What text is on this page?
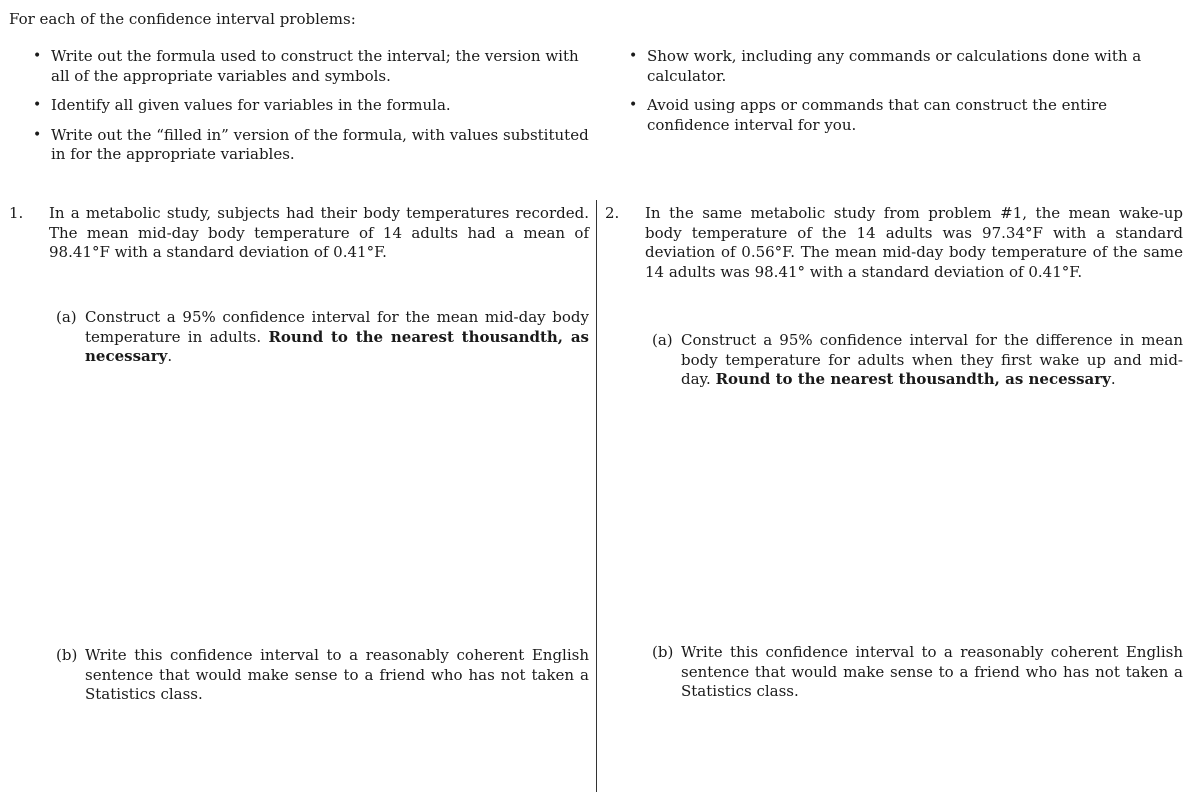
For each of the confidence interval problems:

• Write out the formula used to construct the interval; the version with all of the appropriate variables and symbols.
• Identify all given values for variables in the formula.
• Write out the “filled in” version of the formula, with values substituted in for the appropriate variables.
• Show work, including any commands or calculations done with a calculator.
• Avoid using apps or commands that can construct the entire confidence interval for you.
1.	In a metabolic study, subjects had their body temperatures recorded. The mean mid-day body temperature of 14 adults had a mean of 98.41°F with a standard deviation of 0.41°F.

(a) Construct a 95% confidence interval for the mean mid-day body temperature in adults. Round to the nearest thousandth, as necessary.

(b) Write this confidence interval to a reasonably coherent English sentence that would make sense to a friend who has not taken a Statistics class.

2.	In the same metabolic study from problem #1, the mean wake-up body temperature of the 14 adults was 97.34°F with a standard deviation of 0.56°F. The mean mid-day body temperature of the same 14 adults was 98.41° with a standard deviation of 0.41°F.

(a) Construct a 95% confidence interval for the difference in mean body temperature for adults when they first wake up and mid-day. Round to the nearest thousandth, as necessary.

(b) Write this confidence interval to a reasonably coherent English sentence that would make sense to a friend who has not taken a Statistics class.
